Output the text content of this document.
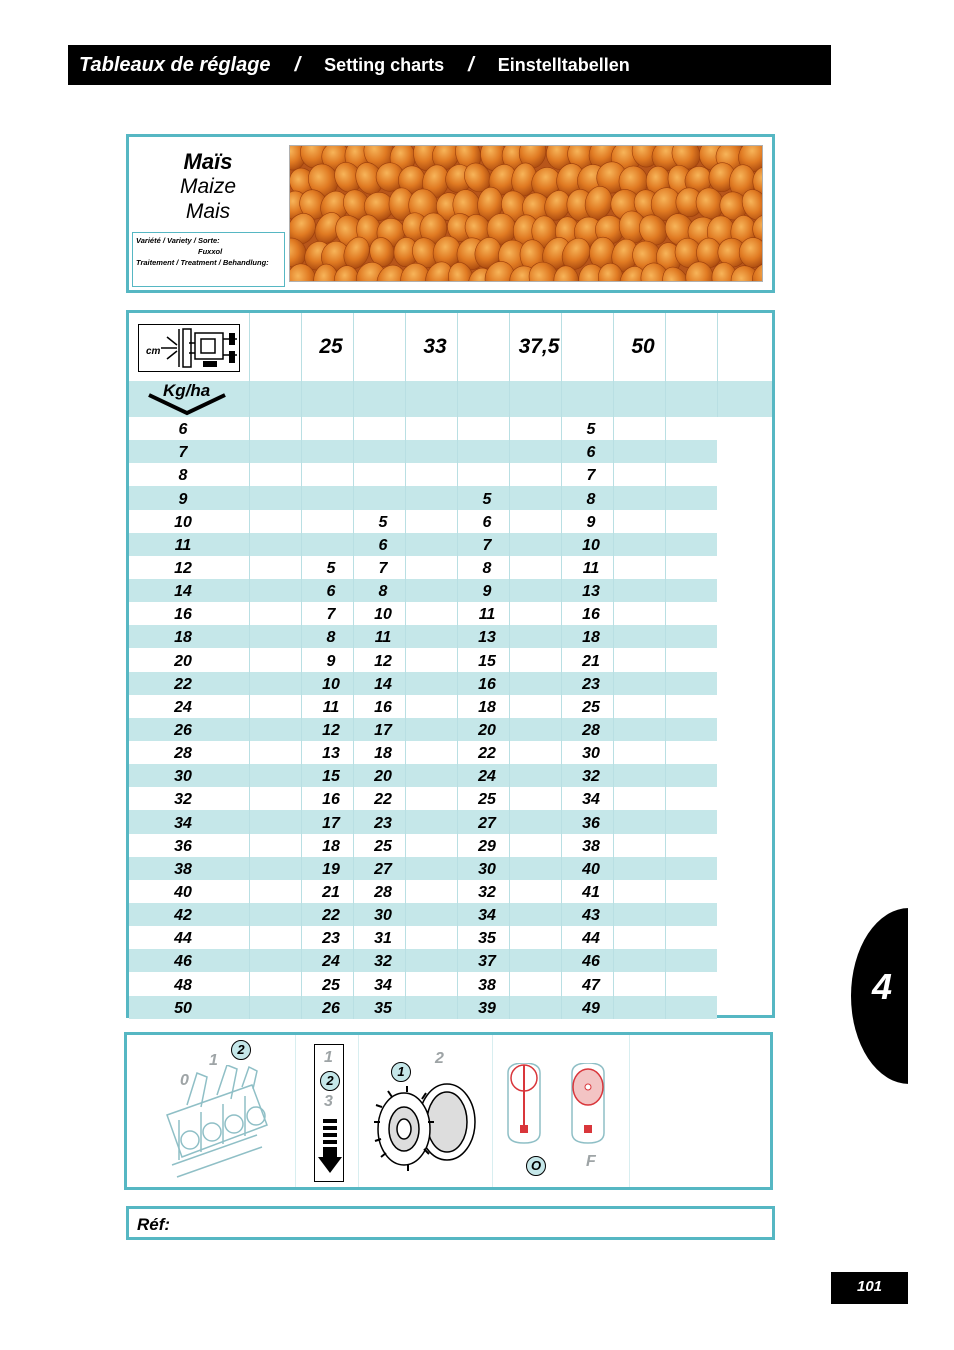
Tableaux de réglage / Setting charts / Einstelltabellen
Maïs
Maize
Mais
Variété / Variety / Sorte:
Fuxxol
Traitement / Treatment / Behandlung:
cm		25		33		37,5		50		

Kg/ha										

6							5			
7							6			
8							7			
9					5		8			
10			5		6		9			
11			6		7		10			
12		5	7		8		11			
14		6	8		9		13			
16		7	10		11		16			
18		8	11		13		18			
20		9	12		15		21			
22		10	14		16		23			
24		11	16		18		25			
26		12	17		20		28			
28		13	18		22		30			
30		15	20		24		32			
32		16	22		25		34			
34		17	23		27		36			
36		18	25		29		38			
38		19	27		30		40			
40		21	28		32		41			
42		22	30		34		43			
44		23	31		35		44			
46		24	32		37		46			
48		25	34		38		47			
50		26	35		39		49			
0
1
2	1
2
3
1
2
O	F
Réf:
4
101
